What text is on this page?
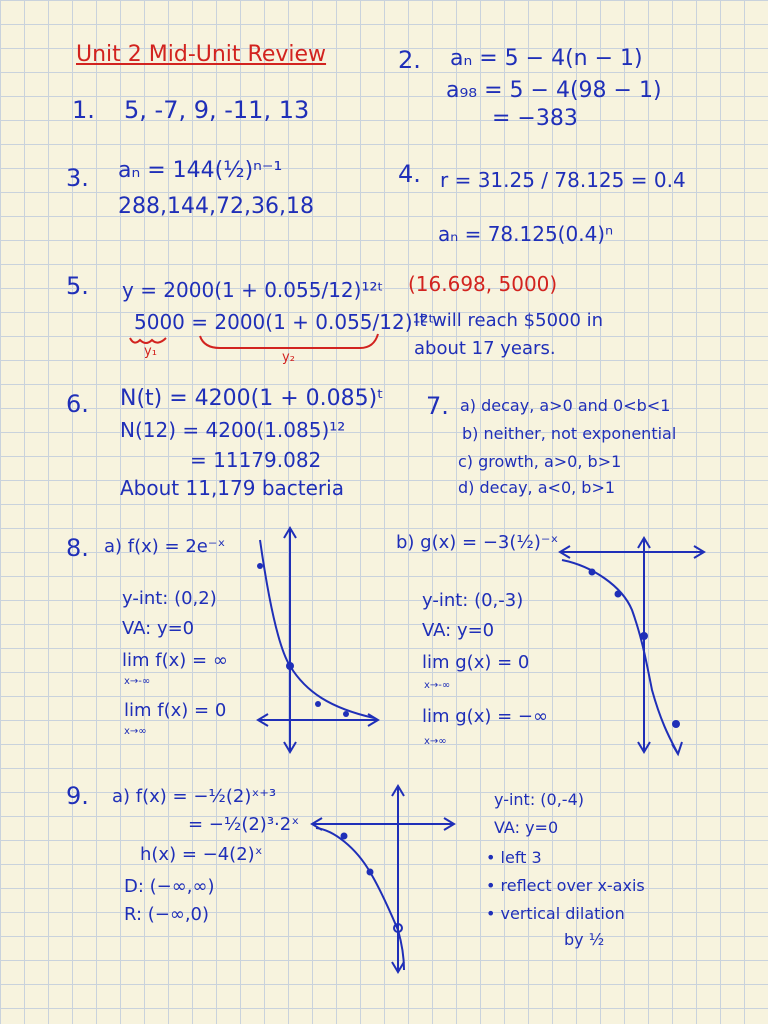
Unit 2 Mid-Unit Review
1. 5, -7, 9, -11, 13
2. aₙ = 5 − 4(n − 1)
a₉₈ = 5 − 4(98 − 1)
= −383
3. aₙ = 144(½)ⁿ⁻¹
288,144,72,36,18
4. r = 31.25 / 78.125 = 0.4
aₙ = 78.125(0.4)ⁿ
5. y = 2000(1 + 0.055/12)¹²ᵗ
5000 = 2000(1 + 0.055/12)¹²ᵗ
y₁	y₂
(16.698, 5000)
It will reach $5000 in
about 17 years.
6. N(t) = 4200(1 + 0.085)ᵗ
N(12) = 4200(1.085)¹²
= 11179.082
About 11,179 bacteria
7. a) decay, a>0 and 0<b<1
b) neither, not exponential
c) growth, a>0, b>1
d) decay, a<0, b>1
8. a) f(x) = 2e⁻ˣ
y-int: (0,2)
VA: y=0
lim f(x) = ∞
x→-∞
lim f(x) = 0
x→∞
b) g(x) = −3(½)⁻ˣ
y-int: (0,-3)
VA: y=0
lim g(x) = 0
x→-∞
lim g(x) = −∞
x→∞
9. a) f(x) = −½(2)ˣ⁺³
= −½(2)³·2ˣ
h(x) = −4(2)ˣ
D: (−∞,∞)
R: (−∞,0)
y-int: (0,-4)
VA: y=0
• left 3
• reflect over x-axis
• vertical dilation
by ½
